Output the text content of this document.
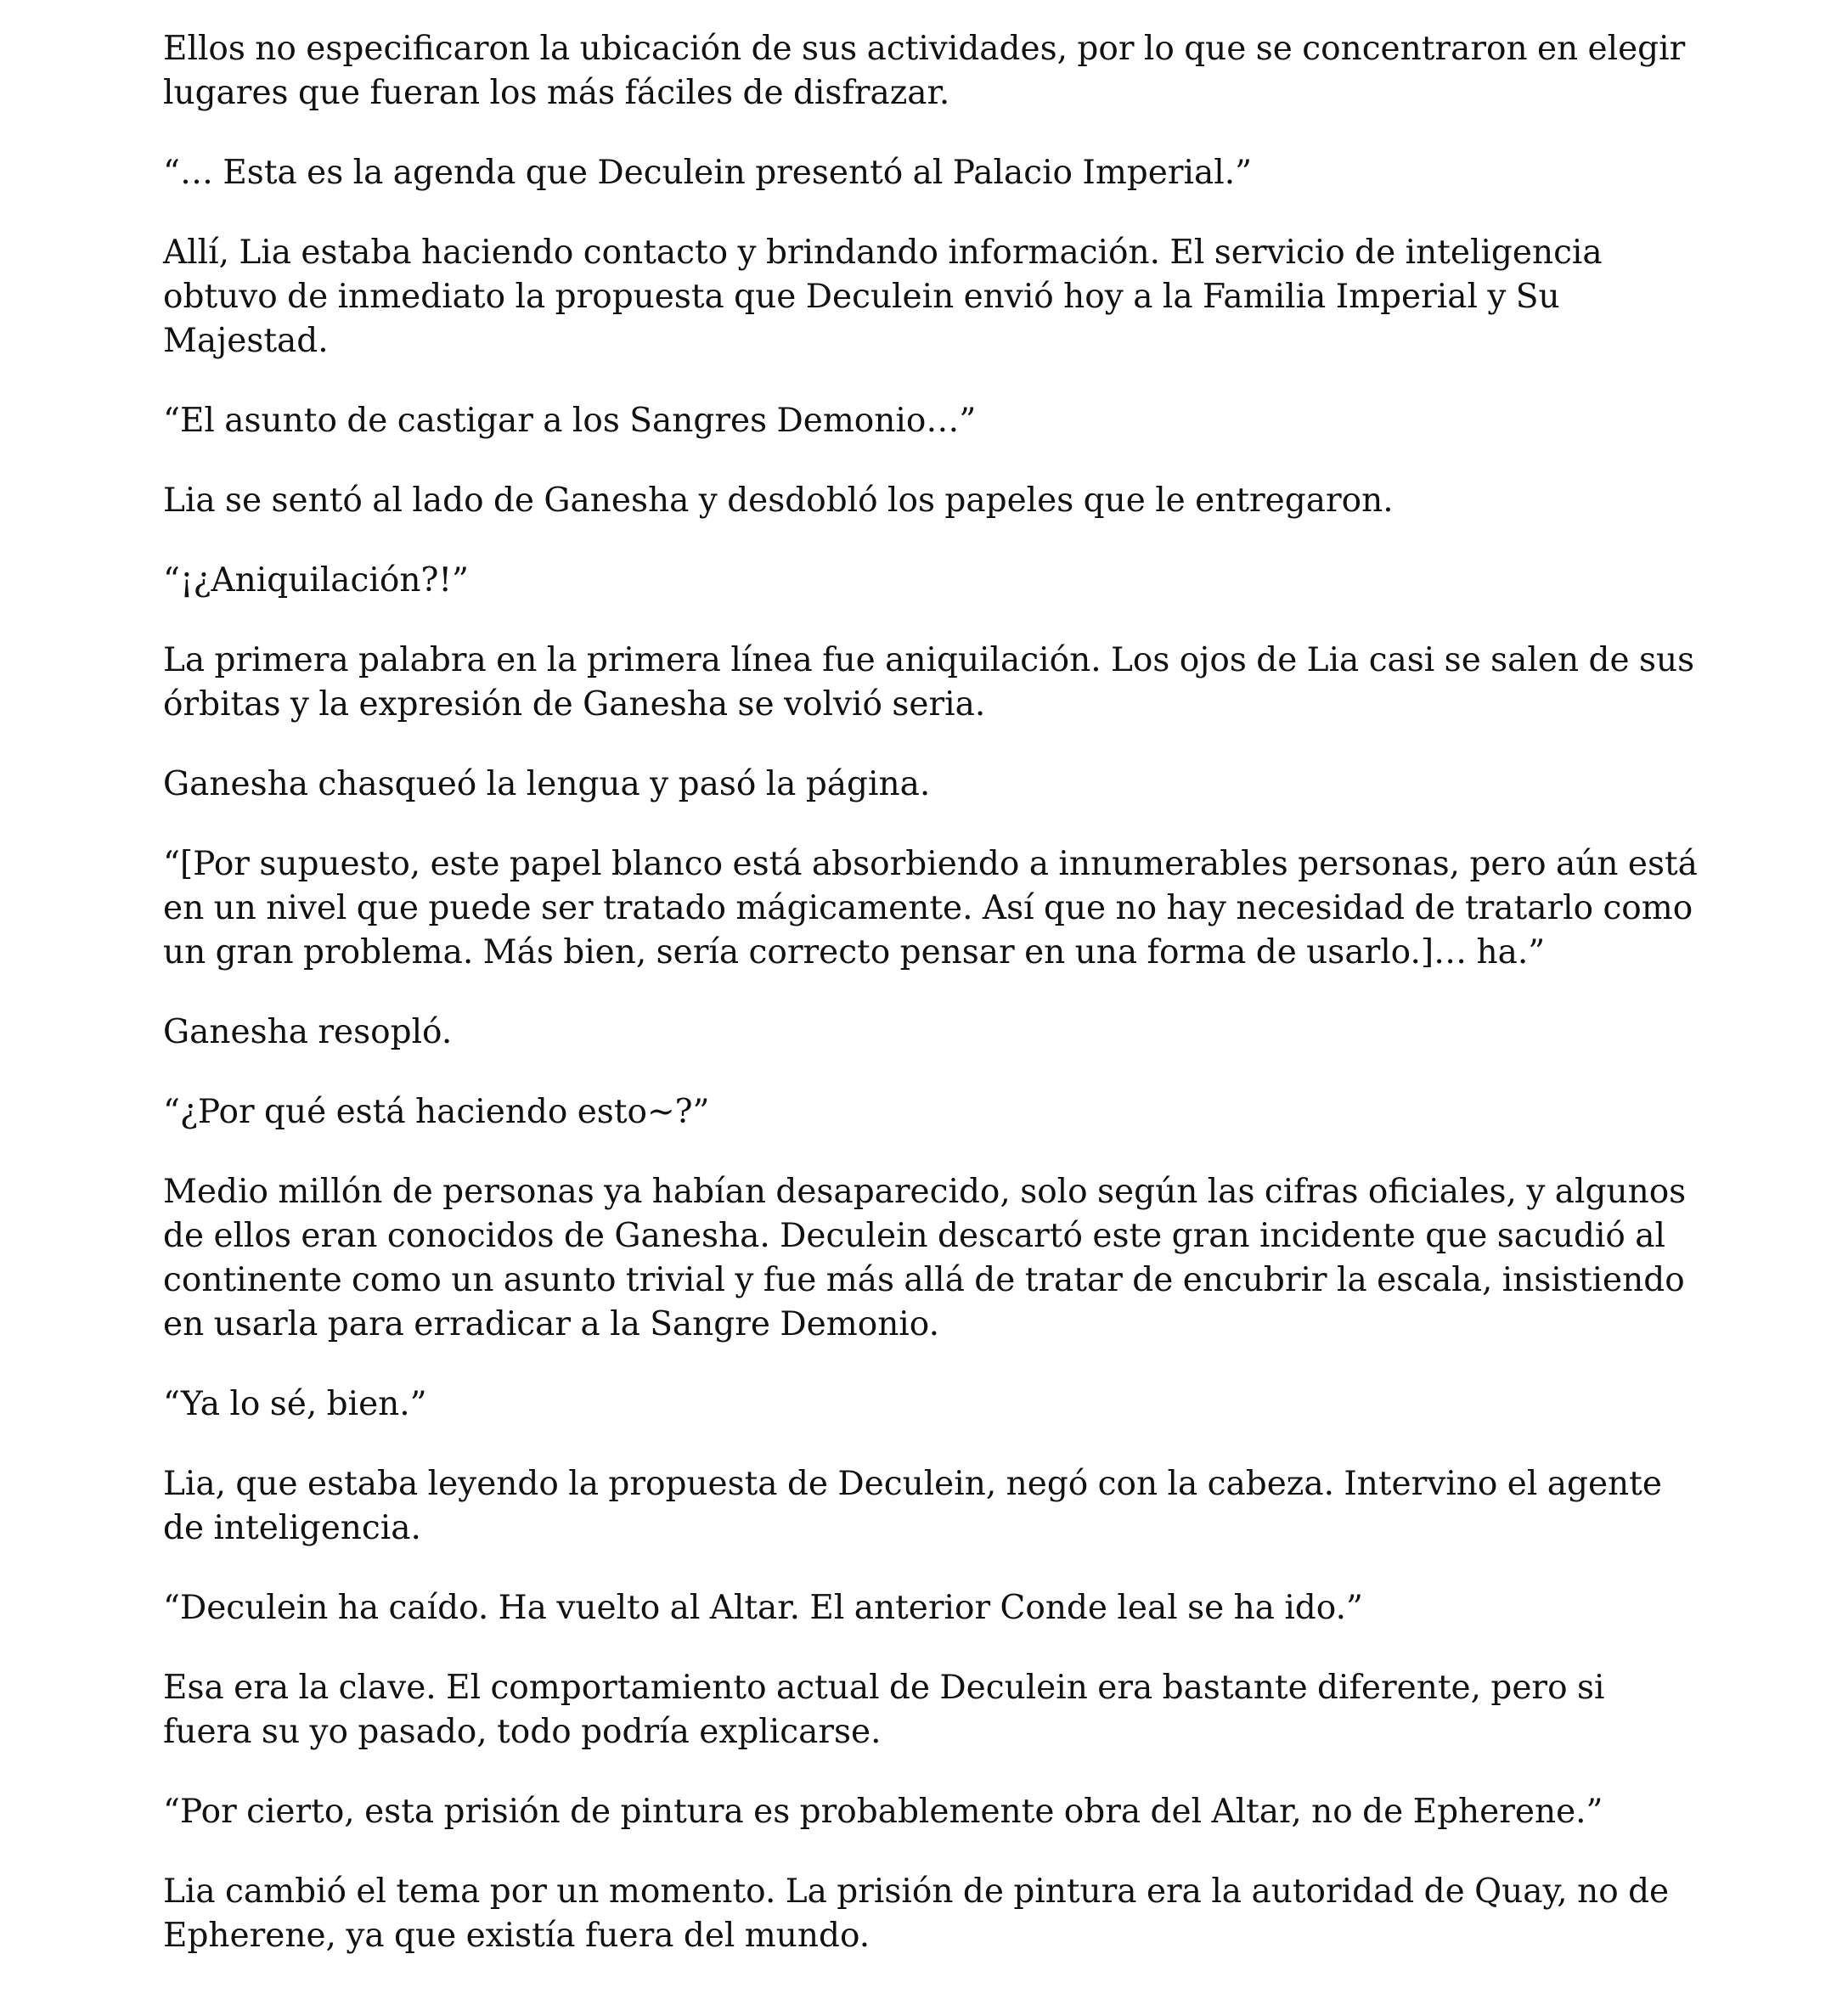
Ellos no especificaron la ubicación de sus actividades, por lo que se concentraron en elegir lugares que fueran los más fáciles de disfrazar.

“… Esta es la agenda que Deculein presentó al Palacio Imperial.”

Allí, Lia estaba haciendo contacto y brindando información. El servicio de inteligencia obtuvo de inmediato la propuesta que Deculein envió hoy a la Familia Imperial y Su Majestad.

“El asunto de castigar a los Sangres Demonio…”

Lia se sentó al lado de Ganesha y desdobló los papeles que le entregaron.

“¡¿Aniquilación?!”

La primera palabra en la primera línea fue aniquilación. Los ojos de Lia casi se salen de sus órbitas y la expresión de Ganesha se volvió seria.

Ganesha chasqueó la lengua y pasó la página.

“[Por supuesto, este papel blanco está absorbiendo a innumerables personas, pero aún está en un nivel que puede ser tratado mágicamente. Así que no hay necesidad de tratarlo como un gran problema. Más bien, sería correcto pensar en una forma de usarlo.]… ha.”

Ganesha resopló.

“¿Por qué está haciendo esto~?”

Medio millón de personas ya habían desaparecido, solo según las cifras oficiales, y algunos de ellos eran conocidos de Ganesha. Deculein descartó este gran incidente que sacudió al continente como un asunto trivial y fue más allá de tratar de encubrir la escala, insistiendo en usarla para erradicar a la Sangre Demonio.

“Ya lo sé, bien.”

Lia, que estaba leyendo la propuesta de Deculein, negó con la cabeza. Intervino el agente de inteligencia.

“Deculein ha caído. Ha vuelto al Altar. El anterior Conde leal se ha ido.”

Esa era la clave. El comportamiento actual de Deculein era bastante diferente, pero si fuera su yo pasado, todo podría explicarse.

“Por cierto, esta prisión de pintura es probablemente obra del Altar, no de Epherene.”

Lia cambió el tema por un momento. La prisión de pintura era la autoridad de Quay, no de Epherene, ya que existía fuera del mundo.
